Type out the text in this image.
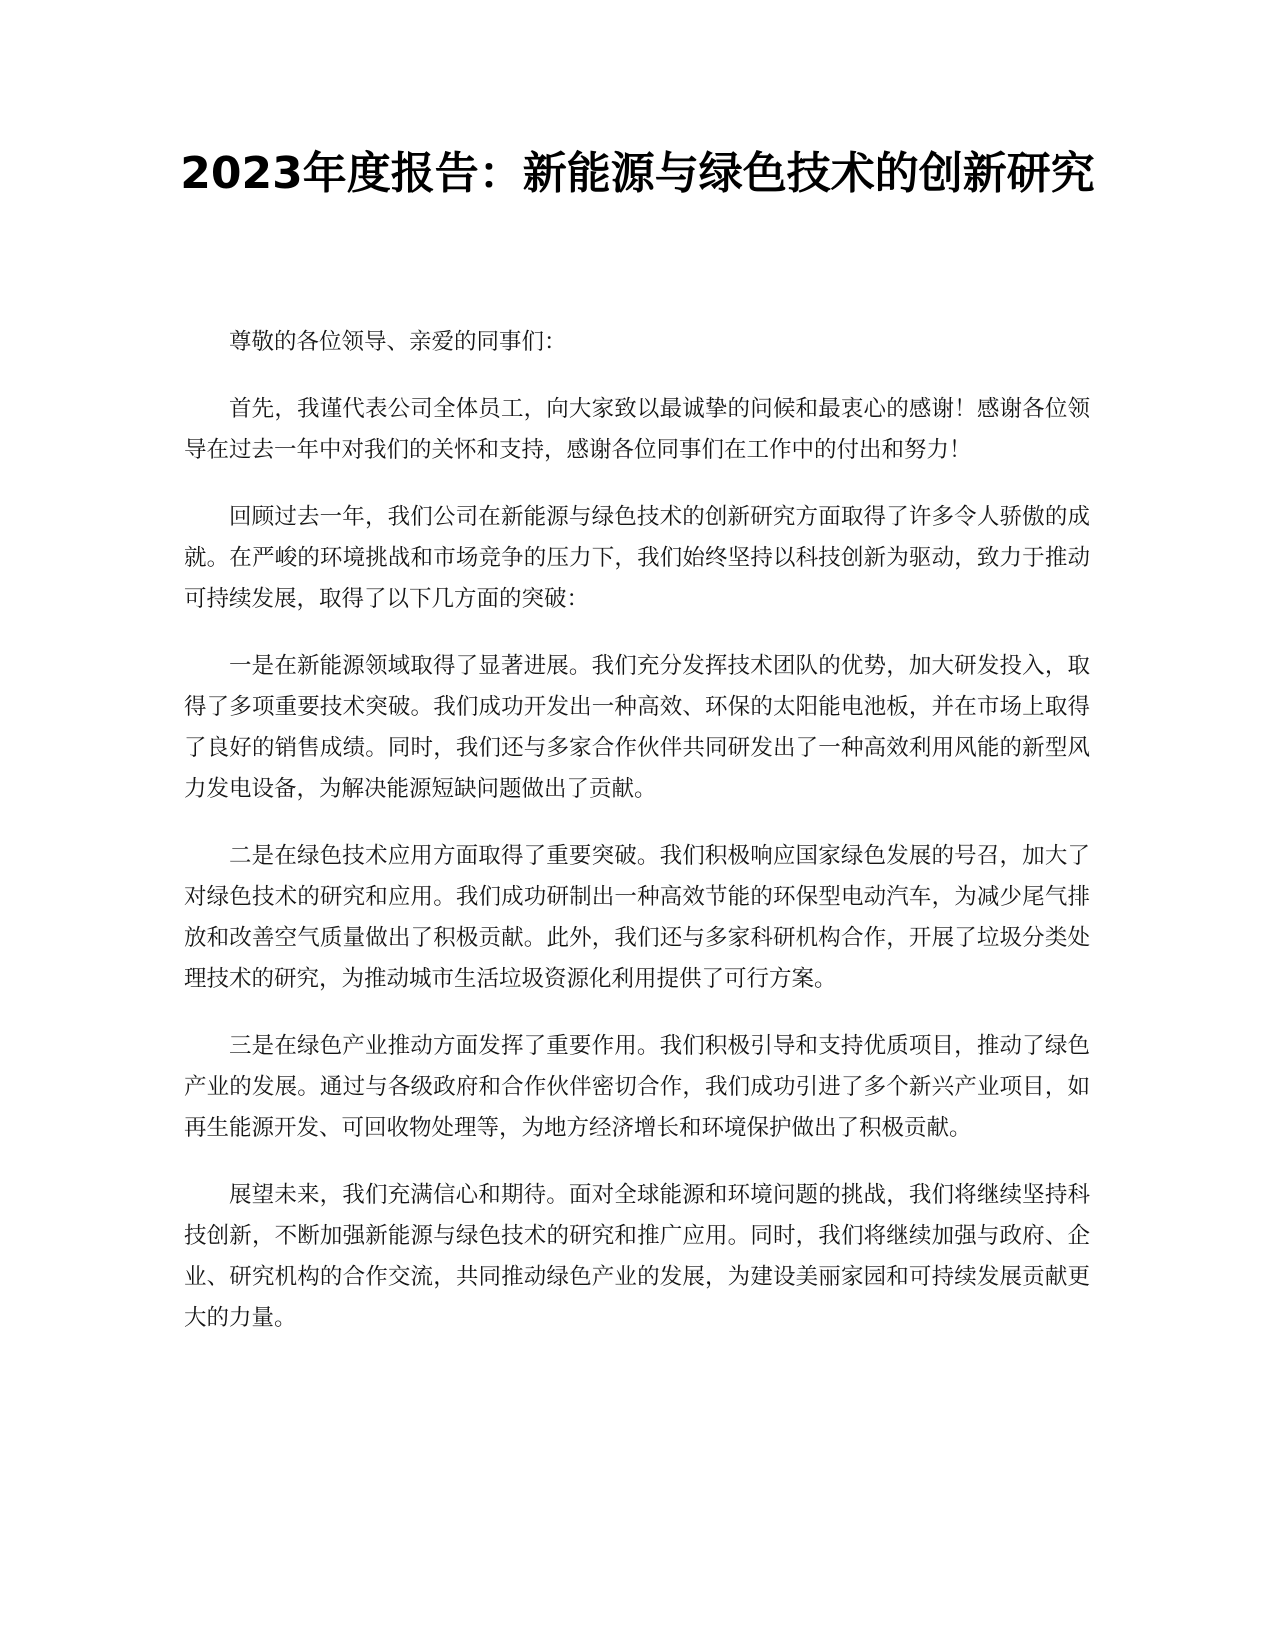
2023年度报告：新能源与绿色技术的创新研究

尊敬的各位领导、亲爱的同事们：

首先，我谨代表公司全体员工，向大家致以最诚挚的问候和最衷心的感谢！感谢各位领导在过去一年中对我们的关怀和支持，感谢各位同事们在工作中的付出和努力！

回顾过去一年，我们公司在新能源与绿色技术的创新研究方面取得了许多令人骄傲的成就。在严峻的环境挑战和市场竞争的压力下，我们始终坚持以科技创新为驱动，致力于推动可持续发展，取得了以下几方面的突破：

一是在新能源领域取得了显著进展。我们充分发挥技术团队的优势，加大研发投入，取得了多项重要技术突破。我们成功开发出一种高效、环保的太阳能电池板，并在市场上取得了良好的销售成绩。同时，我们还与多家合作伙伴共同研发出了一种高效利用风能的新型风力发电设备，为解决能源短缺问题做出了贡献。

二是在绿色技术应用方面取得了重要突破。我们积极响应国家绿色发展的号召，加大了对绿色技术的研究和应用。我们成功研制出一种高效节能的环保型电动汽车，为减少尾气排放和改善空气质量做出了积极贡献。此外，我们还与多家科研机构合作，开展了垃圾分类处理技术的研究，为推动城市生活垃圾资源化利用提供了可行方案。

三是在绿色产业推动方面发挥了重要作用。我们积极引导和支持优质项目，推动了绿色产业的发展。通过与各级政府和合作伙伴密切合作，我们成功引进了多个新兴产业项目，如再生能源开发、可回收物处理等，为地方经济增长和环境保护做出了积极贡献。

展望未来，我们充满信心和期待。面对全球能源和环境问题的挑战，我们将继续坚持科技创新，不断加强新能源与绿色技术的研究和推广应用。同时，我们将继续加强与政府、企业、研究机构的合作交流，共同推动绿色产业的发展，为建设美丽家园和可持续发展贡献更大的力量。
